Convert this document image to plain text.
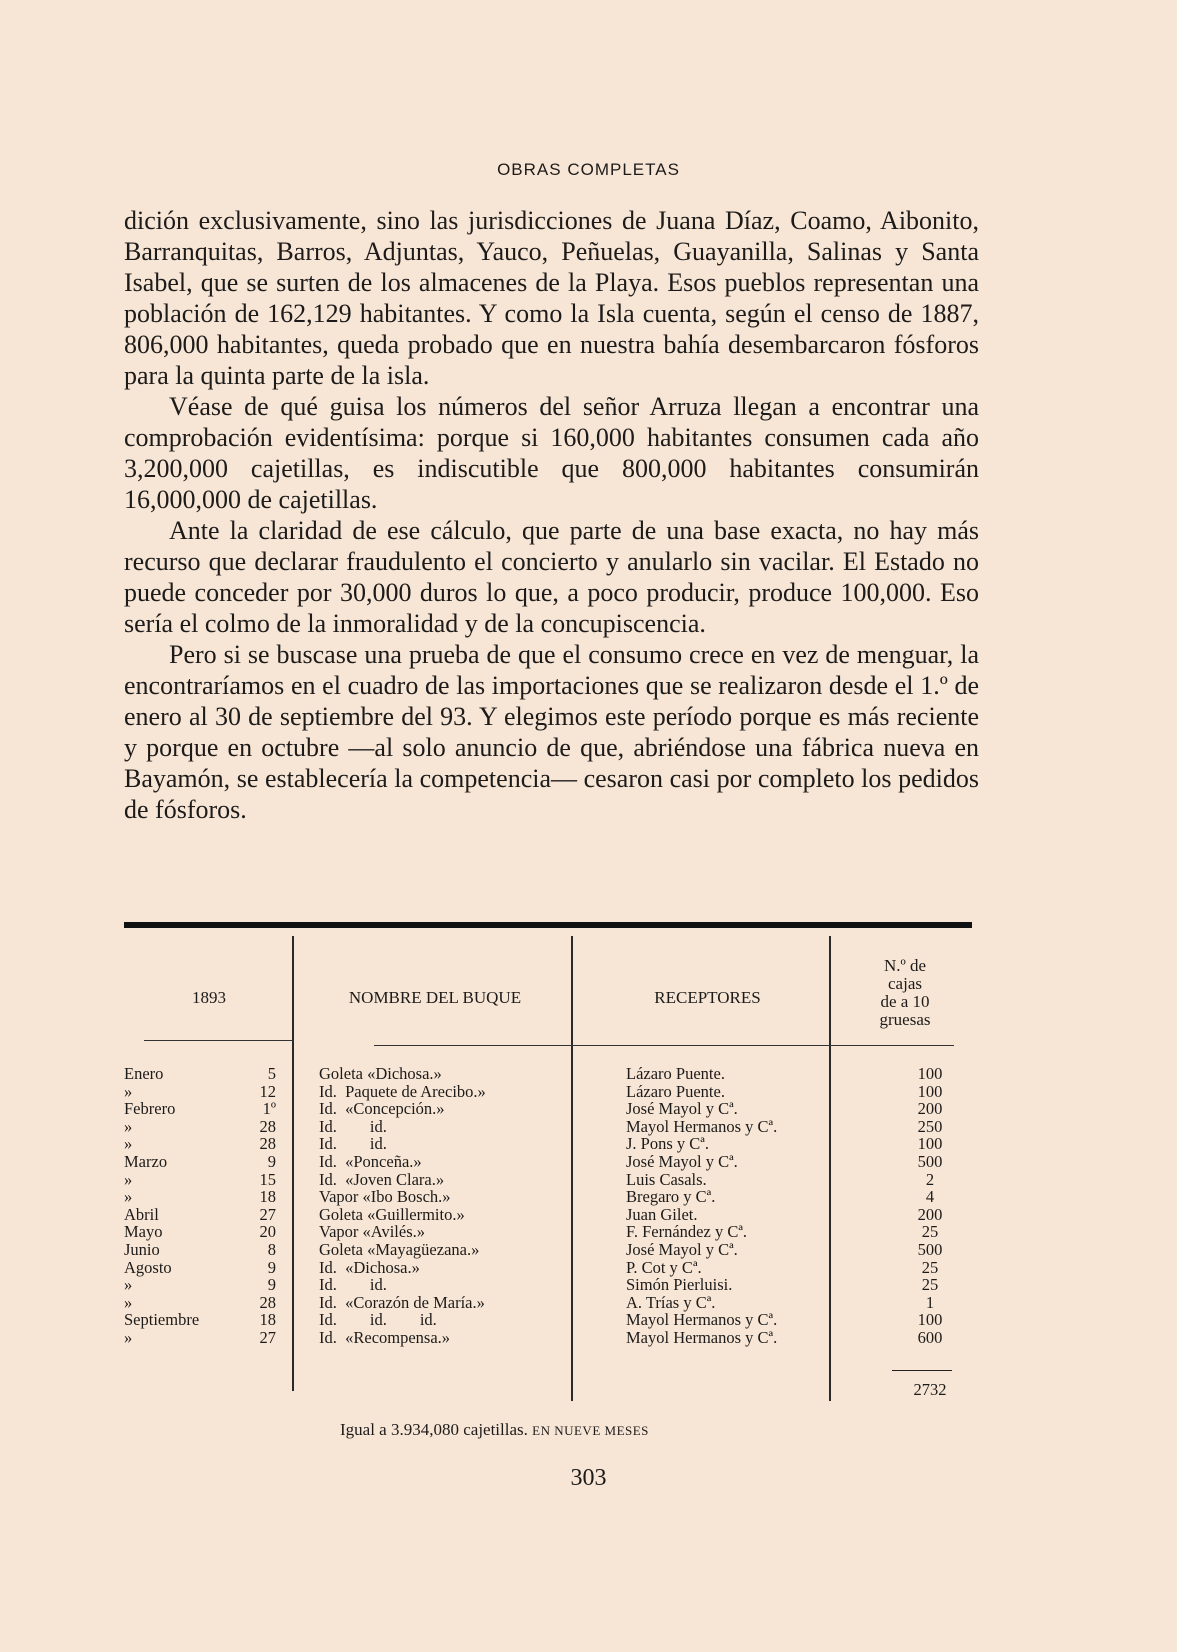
OBRAS COMPLETAS

dición exclusivamente, sino las jurisdicciones de Juana Díaz, Coamo, Aibonito, Barranquitas, Barros, Adjuntas, Yauco, Peñuelas, Guayanilla, Salinas y Santa Isabel, que se surten de los almacenes de la Playa. Esos pueblos representan una población de 162,129 habitantes. Y como la Isla cuenta, según el censo de 1887, 806,000 habitantes, queda probado que en nuestra bahía desembarcaron fósforos para la quinta parte de la isla.

Véase de qué guisa los números del señor Arruza llegan a encontrar una comprobación evidentísima: porque si 160,000 habitantes consumen cada año 3,200,000 cajetillas, es indiscutible que 800,000 habitantes consumirán 16,000,000 de cajetillas.

Ante la claridad de ese cálculo, que parte de una base exacta, no hay más recurso que declarar fraudulento el concierto y anularlo sin vacilar. El Estado no puede conceder por 30,000 duros lo que, a poco producir, produce 100,000. Eso sería el colmo de la inmoralidad y de la concupiscencia.

Pero si se buscase una prueba de que el consumo crece en vez de menguar, la encontraríamos en el cuadro de las importaciones que se realizaron desde el 1.º de enero al 30 de septiembre del 93. Y elegimos este período porque es más reciente y porque en octubre —al solo anuncio de que, abriéndose una fábrica nueva en Bayamón, se establecería la competencia— cesaron casi por completo los pedidos de fósforos.

1893	NOMBRE DEL BUQUE	RECEPTORES
N.º de
cajas
de a 10
gruesas
Enero	5	Goleta «Dichosa.»	Lázaro Puente.	100
»	12	Id.  Paquete de Arecibo.»	Lázaro Puente.	100
Febrero	1º	Id.  «Concepción.»	José Mayol y Cª.	200
»	28	Id.        id.	Mayol Hermanos y Cª.	250
»	28	Id.        id.	J. Pons y Cª.	100
Marzo	9	Id.  «Ponceña.»	José Mayol y Cª.	500
»	15	Id.  «Joven Clara.»	Luis Casals.	2
»	18	Vapor «Ibo Bosch.»	Bregaro y Cª.	4
Abril	27	Goleta «Guillermito.»	Juan Gilet.	200
Mayo	20	Vapor «Avilés.»	F. Fernández y Cª.	25
Junio	8	Goleta «Mayagüezana.»	José Mayol y Cª.	500
Agosto	9	Id.  «Dichosa.»	P. Cot y Cª.	25
»	9	Id.        id.	Simón Pierluisi.	25
»	28	Id.  «Corazón de María.»	A. Trías y Cª.	1
Septiembre	18	Id.        id.        id.	Mayol Hermanos y Cª.	100
»	27	Id.  «Recompensa.»	Mayol Hermanos y Cª.	600
2732
Igual a 3.934,080 cajetillas. EN NUEVE MESES
303
